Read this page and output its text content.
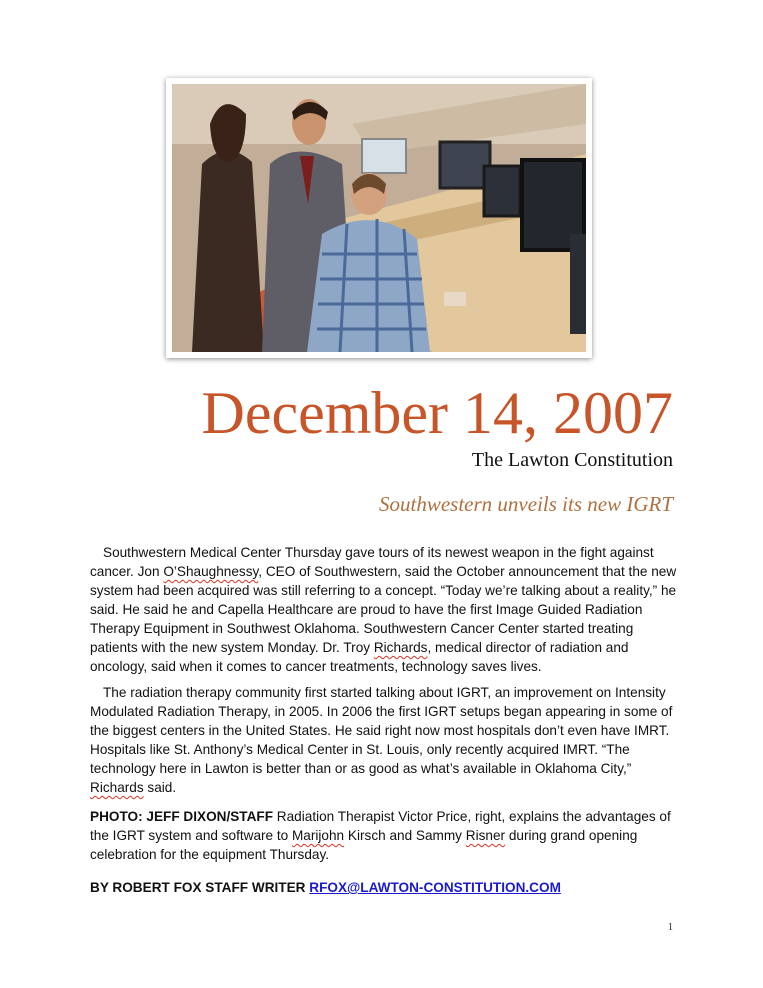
December 14, 2007
The Lawton Constitution
Southwestern unveils its new IGRT

Southwestern Medical Center Thursday gave tours of its newest weapon in the fight against cancer. Jon O’Shaughnessy, CEO of Southwestern, said the October announcement that the new system had been acquired was still referring to a concept. “Today we’re talking about a reality,” he said. He said he and Capella Healthcare are proud to have the first Image Guided Radiation Therapy Equipment in Southwest Oklahoma. Southwestern Cancer Center started treating patients with the new system Monday. Dr. Troy Richards, medical director of radiation and oncology, said when it comes to cancer treatments, technology saves lives.

The radiation therapy community first started talking about IGRT, an improvement on Intensity Modulated Radiation Therapy, in 2005. In 2006 the first IGRT setups began appearing in some of the biggest centers in the United States. He said right now most hospitals don’t even have IMRT. Hospitals like St. Anthony’s Medical Center in St. Louis, only recently acquired IMRT. “The technology here in Lawton is better than or as good as what’s available in Oklahoma City,” Richards said.

PHOTO: JEFF DIXON/STAFF Radiation Therapist Victor Price, right, explains the advantages of the IGRT system and software to Marijohn Kirsch and Sammy Risner during grand opening celebration for the equipment Thursday.

BY ROBERT FOX STAFF WRITER RFOX@LAWTON-CONSTITUTION.COM
1
